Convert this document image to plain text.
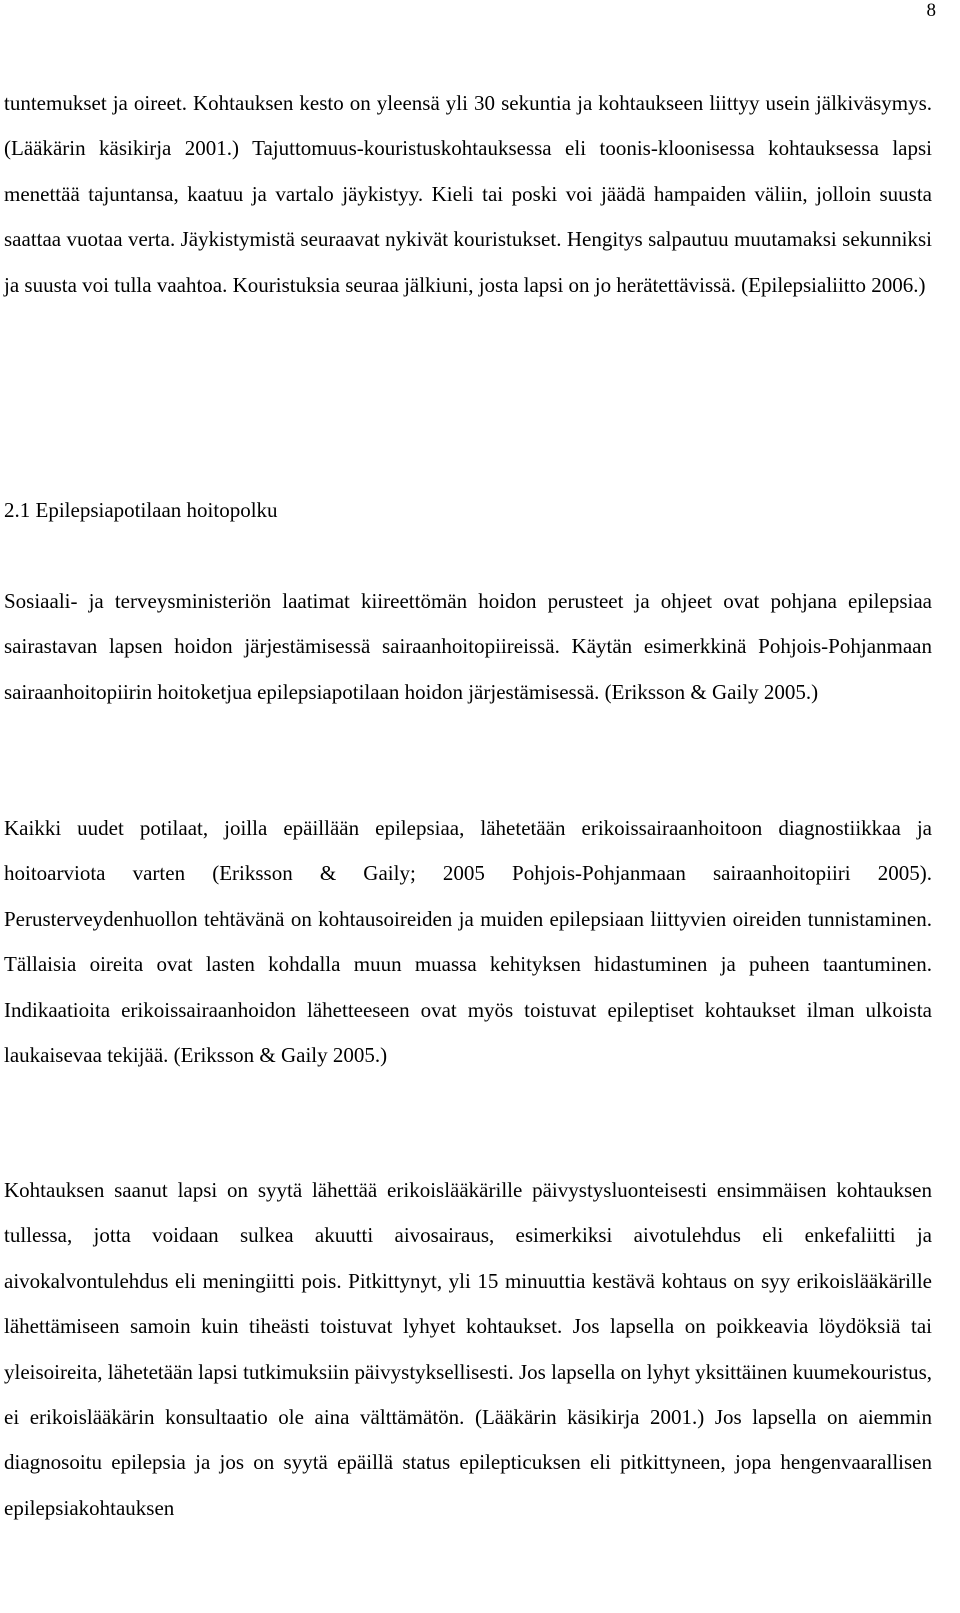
8

tuntemukset ja oireet. Kohtauksen kesto on yleensä yli 30 sekuntia ja kohtaukseen liittyy usein jälkiväsymys. (Lääkärin käsikirja 2001.) Tajuttomuus-kouristuskohtauksessa eli toonis-kloonisessa kohtauksessa lapsi menettää tajuntansa, kaatuu ja vartalo jäykistyy. Kieli tai poski voi jäädä hampaiden väliin, jolloin suusta saattaa vuotaa verta. Jäykistymistä seuraavat nykivät kouristukset. Hengitys salpautuu muutamaksi sekunniksi ja suusta voi tulla vaahtoa. Kouristuksia seuraa jälkiuni, josta lapsi on jo herätettävissä. (Epilepsialiitto 2006.)

2.1 Epilepsiapotilaan hoitopolku

Sosiaali- ja terveysministeriön laatimat kiireettömän hoidon perusteet ja ohjeet ovat pohjana epilepsiaa sairastavan lapsen hoidon järjestämisessä sairaanhoitopiireissä. Käytän esimerkkinä Pohjois-Pohjanmaan sairaanhoitopiirin hoitoketjua epilepsiapotilaan hoidon järjestämisessä. (Eriksson & Gaily 2005.)

Kaikki uudet potilaat, joilla epäillään epilepsiaa, lähetetään erikoissairaanhoitoon diagnostiikkaa ja hoitoarviota varten (Eriksson & Gaily; 2005 Pohjois-Pohjanmaan sairaanhoitopiiri 2005). Perusterveydenhuollon tehtävänä on kohtausoireiden ja muiden epilepsiaan liittyvien oireiden tunnistaminen. Tällaisia oireita ovat lasten kohdalla muun muassa kehityksen hidastuminen ja puheen taantuminen. Indikaatioita erikoissairaanhoidon lähetteeseen ovat myös toistuvat epileptiset kohtaukset ilman ulkoista laukaisevaa tekijää. (Eriksson & Gaily 2005.)

Kohtauksen saanut lapsi on syytä lähettää erikoislääkärille päivystysluonteisesti ensimmäisen kohtauksen tullessa, jotta voidaan sulkea akuutti aivosairaus, esimerkiksi aivotulehdus eli enkefaliitti ja aivokalvontulehdus eli meningiitti pois. Pitkittynyt, yli 15 minuuttia kestävä kohtaus on syy erikoislääkärille lähettämiseen samoin kuin tiheästi toistuvat lyhyet kohtaukset. Jos lapsella on poikkeavia löydöksiä tai yleisoireita, lähetetään lapsi tutkimuksiin päivystyksellisesti. Jos lapsella on lyhyt yksittäinen kuumekouristus, ei erikoislääkärin konsultaatio ole aina välttämätön. (Lääkärin käsikirja 2001.) Jos lapsella on aiemmin diagnosoitu epilepsia ja jos on syytä epäillä status epilepticuksen eli pitkittyneen, jopa hengenvaarallisen epilepsiakohtauksen
